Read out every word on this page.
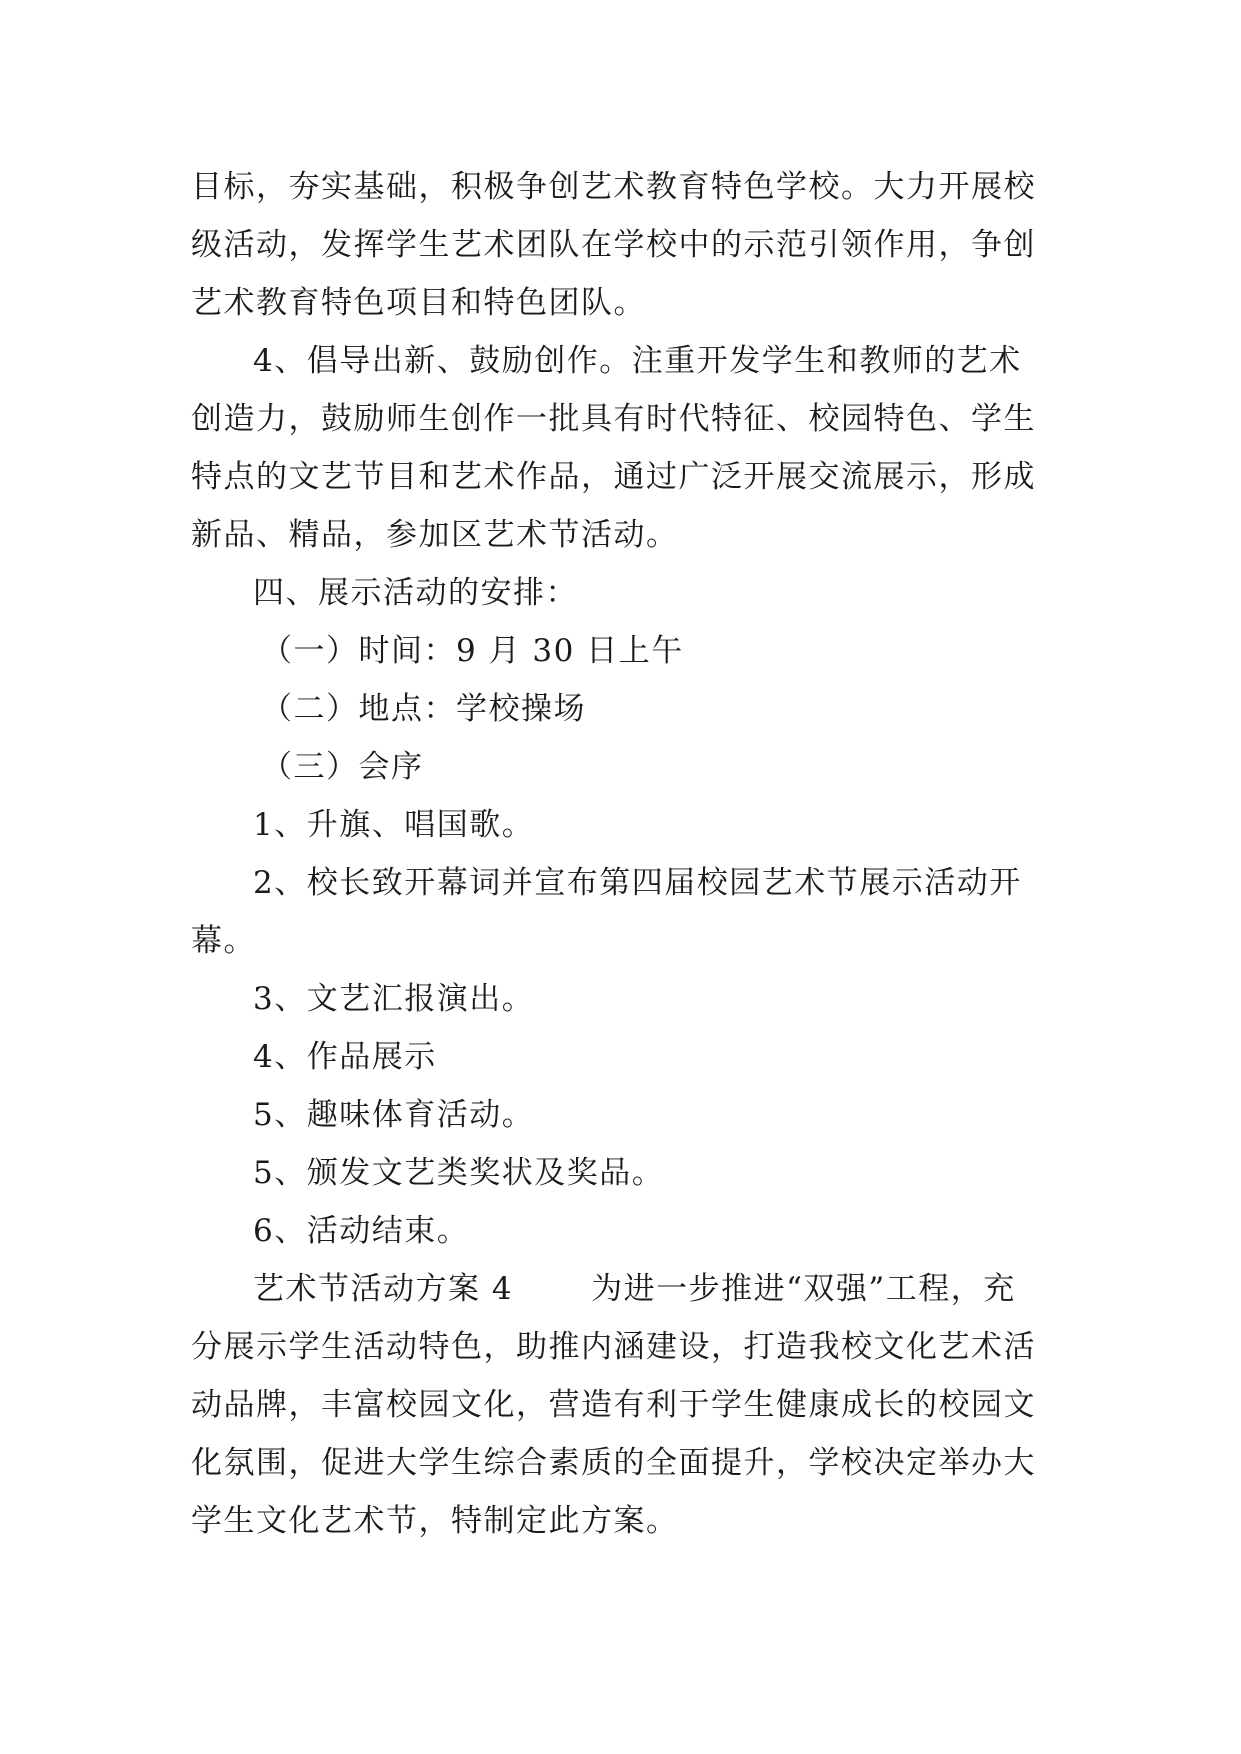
目标，夯实基础，积极争创艺术教育特色学校。大力开展校
级活动，发挥学生艺术团队在学校中的示范引领作用，争创
艺术教育特色项目和特色团队。
4、倡导出新、鼓励创作。注重开发学生和教师的艺术
创造力，鼓励师生创作一批具有时代特征、校园特色、学生
特点的文艺节目和艺术作品，通过广泛开展交流展示，形成
新品、精品，参加区艺术节活动。
四、展示活动的安排：
（一）时间：9 月 30 日上午
（二）地点：学校操场
（三）会序
1、升旗、唱国歌。
2、校长致开幕词并宣布第四届校园艺术节展示活动开
幕。
3、文艺汇报演出。
4、作品展示
5、趣味体育活动。
5、颁发文艺类奖状及奖品。
6、活动结束。
艺术节活动方案 4	为进一步推进“双强”工程，充
分展示学生活动特色，助推内涵建设，打造我校文化艺术活
动品牌，丰富校园文化，营造有利于学生健康成长的校园文
化氛围，促进大学生综合素质的全面提升，学校决定举办大
学生文化艺术节，特制定此方案。
